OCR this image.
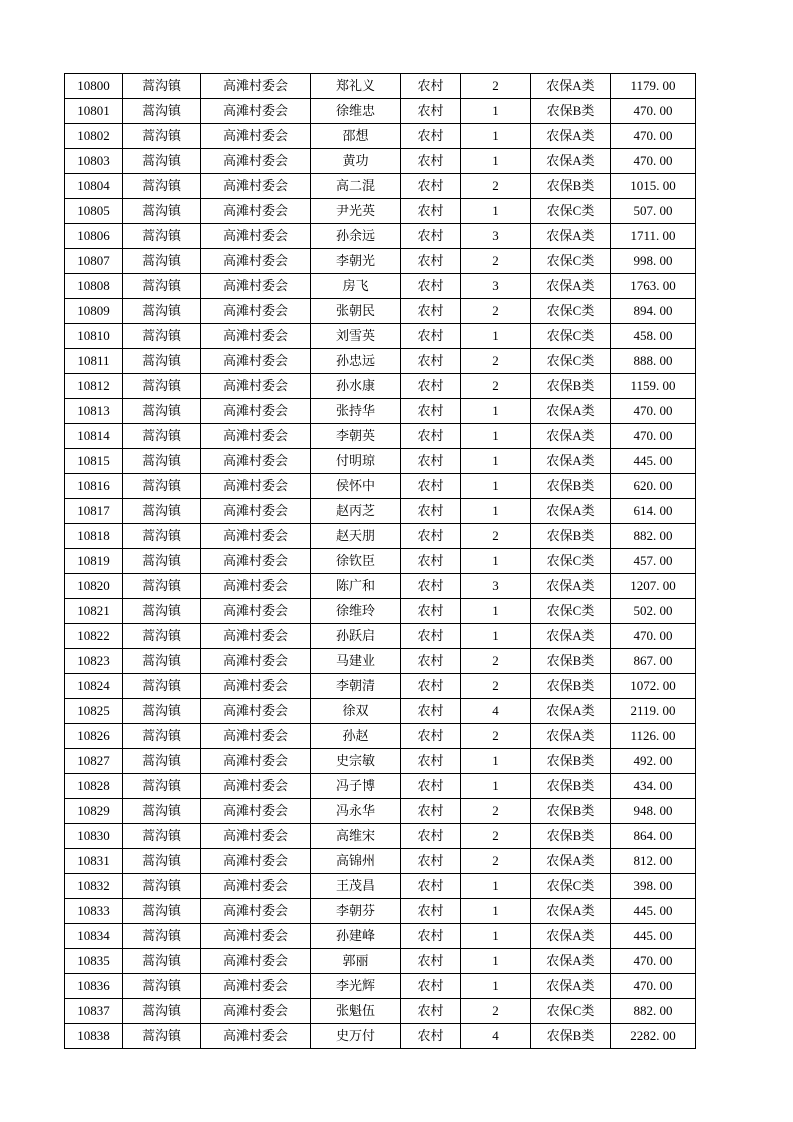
10800	蒿沟镇	高滩村委会	郑礼义	农村	2	农保A类	1179. 00
10801	蒿沟镇	高滩村委会	徐维忠	农村	1	农保B类	470. 00
10802	蒿沟镇	高滩村委会	邵想	农村	1	农保A类	470. 00
10803	蒿沟镇	高滩村委会	黄功	农村	1	农保A类	470. 00
10804	蒿沟镇	高滩村委会	高二混	农村	2	农保B类	1015. 00
10805	蒿沟镇	高滩村委会	尹光英	农村	1	农保C类	507. 00
10806	蒿沟镇	高滩村委会	孙余远	农村	3	农保A类	1711. 00
10807	蒿沟镇	高滩村委会	李朝光	农村	2	农保C类	998. 00
10808	蒿沟镇	高滩村委会	房飞	农村	3	农保A类	1763. 00
10809	蒿沟镇	高滩村委会	张朝民	农村	2	农保C类	894. 00
10810	蒿沟镇	高滩村委会	刘雪英	农村	1	农保C类	458. 00
10811	蒿沟镇	高滩村委会	孙忠远	农村	2	农保C类	888. 00
10812	蒿沟镇	高滩村委会	孙水康	农村	2	农保B类	1159. 00
10813	蒿沟镇	高滩村委会	张持华	农村	1	农保A类	470. 00
10814	蒿沟镇	高滩村委会	李朝英	农村	1	农保A类	470. 00
10815	蒿沟镇	高滩村委会	付明琼	农村	1	农保A类	445. 00
10816	蒿沟镇	高滩村委会	侯怀中	农村	1	农保B类	620. 00
10817	蒿沟镇	高滩村委会	赵丙芝	农村	1	农保A类	614. 00
10818	蒿沟镇	高滩村委会	赵天朋	农村	2	农保B类	882. 00
10819	蒿沟镇	高滩村委会	徐钦臣	农村	1	农保C类	457. 00
10820	蒿沟镇	高滩村委会	陈广和	农村	3	农保A类	1207. 00
10821	蒿沟镇	高滩村委会	徐维玲	农村	1	农保C类	502. 00
10822	蒿沟镇	高滩村委会	孙跃启	农村	1	农保A类	470. 00
10823	蒿沟镇	高滩村委会	马建业	农村	2	农保B类	867. 00
10824	蒿沟镇	高滩村委会	李朝清	农村	2	农保B类	1072. 00
10825	蒿沟镇	高滩村委会	徐双	农村	4	农保A类	2119. 00
10826	蒿沟镇	高滩村委会	孙赵	农村	2	农保A类	1126. 00
10827	蒿沟镇	高滩村委会	史宗敏	农村	1	农保B类	492. 00
10828	蒿沟镇	高滩村委会	冯子博	农村	1	农保B类	434. 00
10829	蒿沟镇	高滩村委会	冯永华	农村	2	农保B类	948. 00
10830	蒿沟镇	高滩村委会	高维宋	农村	2	农保B类	864. 00
10831	蒿沟镇	高滩村委会	高锦州	农村	2	农保A类	812. 00
10832	蒿沟镇	高滩村委会	王茂昌	农村	1	农保C类	398. 00
10833	蒿沟镇	高滩村委会	李朝芬	农村	1	农保A类	445. 00
10834	蒿沟镇	高滩村委会	孙建峰	农村	1	农保A类	445. 00
10835	蒿沟镇	高滩村委会	郭丽	农村	1	农保A类	470. 00
10836	蒿沟镇	高滩村委会	李光辉	农村	1	农保A类	470. 00
10837	蒿沟镇	高滩村委会	张魁伍	农村	2	农保C类	882. 00
10838	蒿沟镇	高滩村委会	史万付	农村	4	农保B类	2282. 00
